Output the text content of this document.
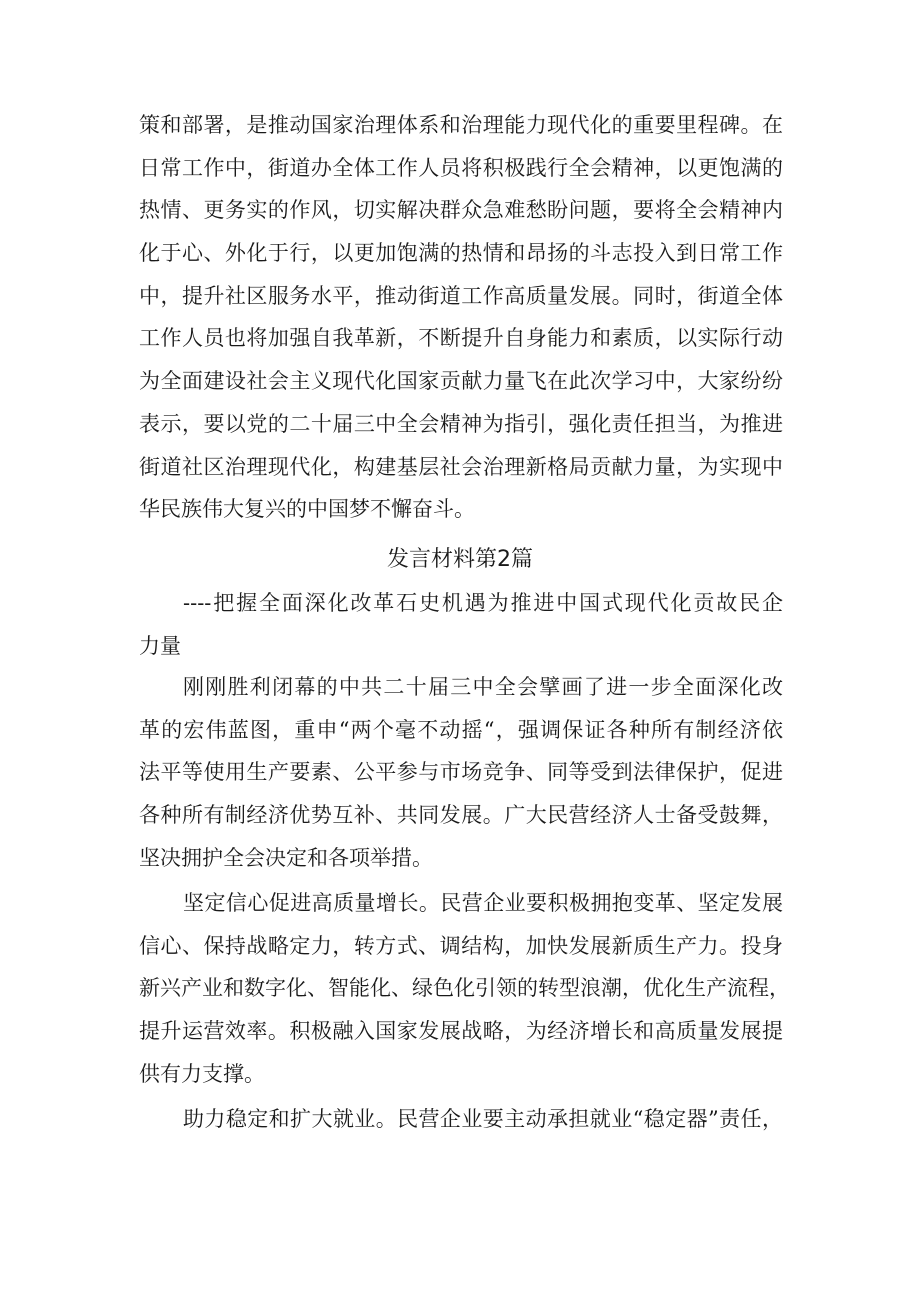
策和部署，是推动国家治理体系和治理能力现代化的重要里程碑。在
日常工作中，街道办全体工作人员将积极践行全会精神，以更饱满的
热情、更务实的作风，切实解决群众急难愁盼问题，要将全会精神内
化于心、外化于行，以更加饱满的热情和昂扬的斗志投入到日常工作
中，提升社区服务水平，推动街道工作高质量发展。同时，街道全体
工作人员也将加强自我革新，不断提升自身能力和素质，以实际行动
为全面建设社会主义现代化国家贡献力量飞在此次学习中，大家纷纷
表示，要以党的二十届三中全会精神为指引，强化责任担当，为推进
街道社区治理现代化，构建基层社会治理新格局贡献力量，为实现中
华民族伟大复兴的中国梦不懈奋斗。
发言材料第2篇
----把握全面深化改革石史机遇为推进中国式现代化贡故民企
力量
刚刚胜利闭幕的中共二十届三中全会擘画了进一步全面深化改
革的宏伟蓝图，重申“两个毫不动摇“，强调保证各种所有制经济依
法平等使用生产要素、公平参与市场竞争、同等受到法律保护，促进
各种所有制经济优势互补、共同发展。广大民营经济人士备受鼓舞，
坚决拥护全会决定和各项举措。
坚定信心促进高质量增长。民营企业要积极拥抱变革、坚定发展
信心、保持战略定力，转方式、调结构，加快发展新质生产力。投身
新兴产业和数字化、智能化、绿色化引领的转型浪潮，优化生产流程，
提升运营效率。积极融入国家发展战略，为经济增长和高质量发展提
供有力支撑。
助力稳定和扩大就业。民营企业要主动承担就业“稳定器”责任，
